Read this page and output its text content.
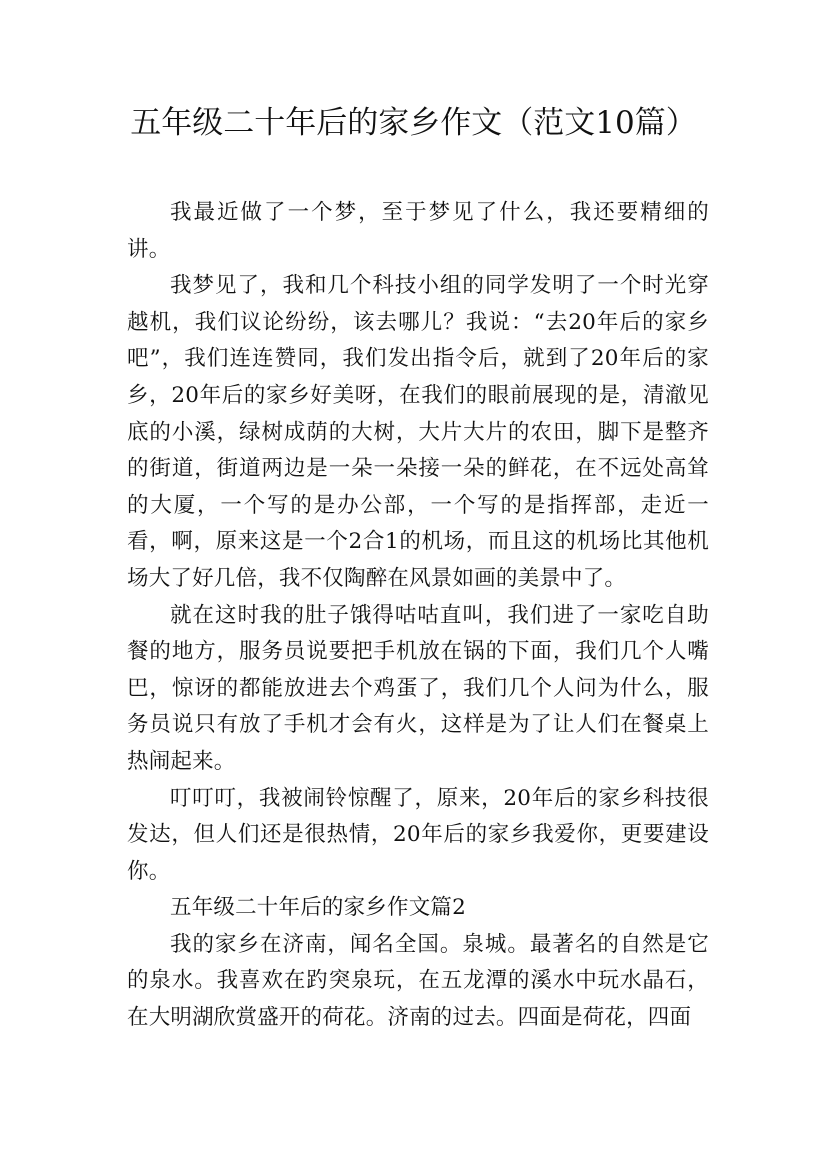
五年级二十年后的家乡作文（范文10篇）

我最近做了一个梦，至于梦见了什么，我还要精细的讲。

我梦见了，我和几个科技小组的同学发明了一个时光穿越机，我们议论纷纷，该去哪儿？我说：“去20年后的家乡吧”，我们连连赞同，我们发出指令后，就到了20年后的家乡，20年后的家乡好美呀，在我们的眼前展现的是，清澈见底的小溪，绿树成荫的大树，大片大片的农田，脚下是整齐的街道，街道两边是一朵一朵接一朵的鲜花，在不远处高耸的大厦，一个写的是办公部，一个写的是指挥部，走近一看，啊，原来这是一个2合1的机场，而且这的机场比其他机场大了好几倍，我不仅陶醉在风景如画的美景中了。

就在这时我的肚子饿得咕咕直叫，我们进了一家吃自助餐的地方，服务员说要把手机放在锅的下面，我们几个人嘴巴，惊讶的都能放进去个鸡蛋了，我们几个人问为什么，服务员说只有放了手机才会有火，这样是为了让人们在餐桌上热闹起来。

叮叮叮，我被闹铃惊醒了，原来，20年后的家乡科技很发达，但人们还是很热情，20年后的家乡我爱你，更要建设你。

五年级二十年后的家乡作文篇2

我的家乡在济南，闻名全国。泉城。最著名的自然是它的泉水。我喜欢在趵突泉玩，在五龙潭的溪水中玩水晶石，在大明湖欣赏盛开的荷花。济南的过去。四面是荷花，四面
